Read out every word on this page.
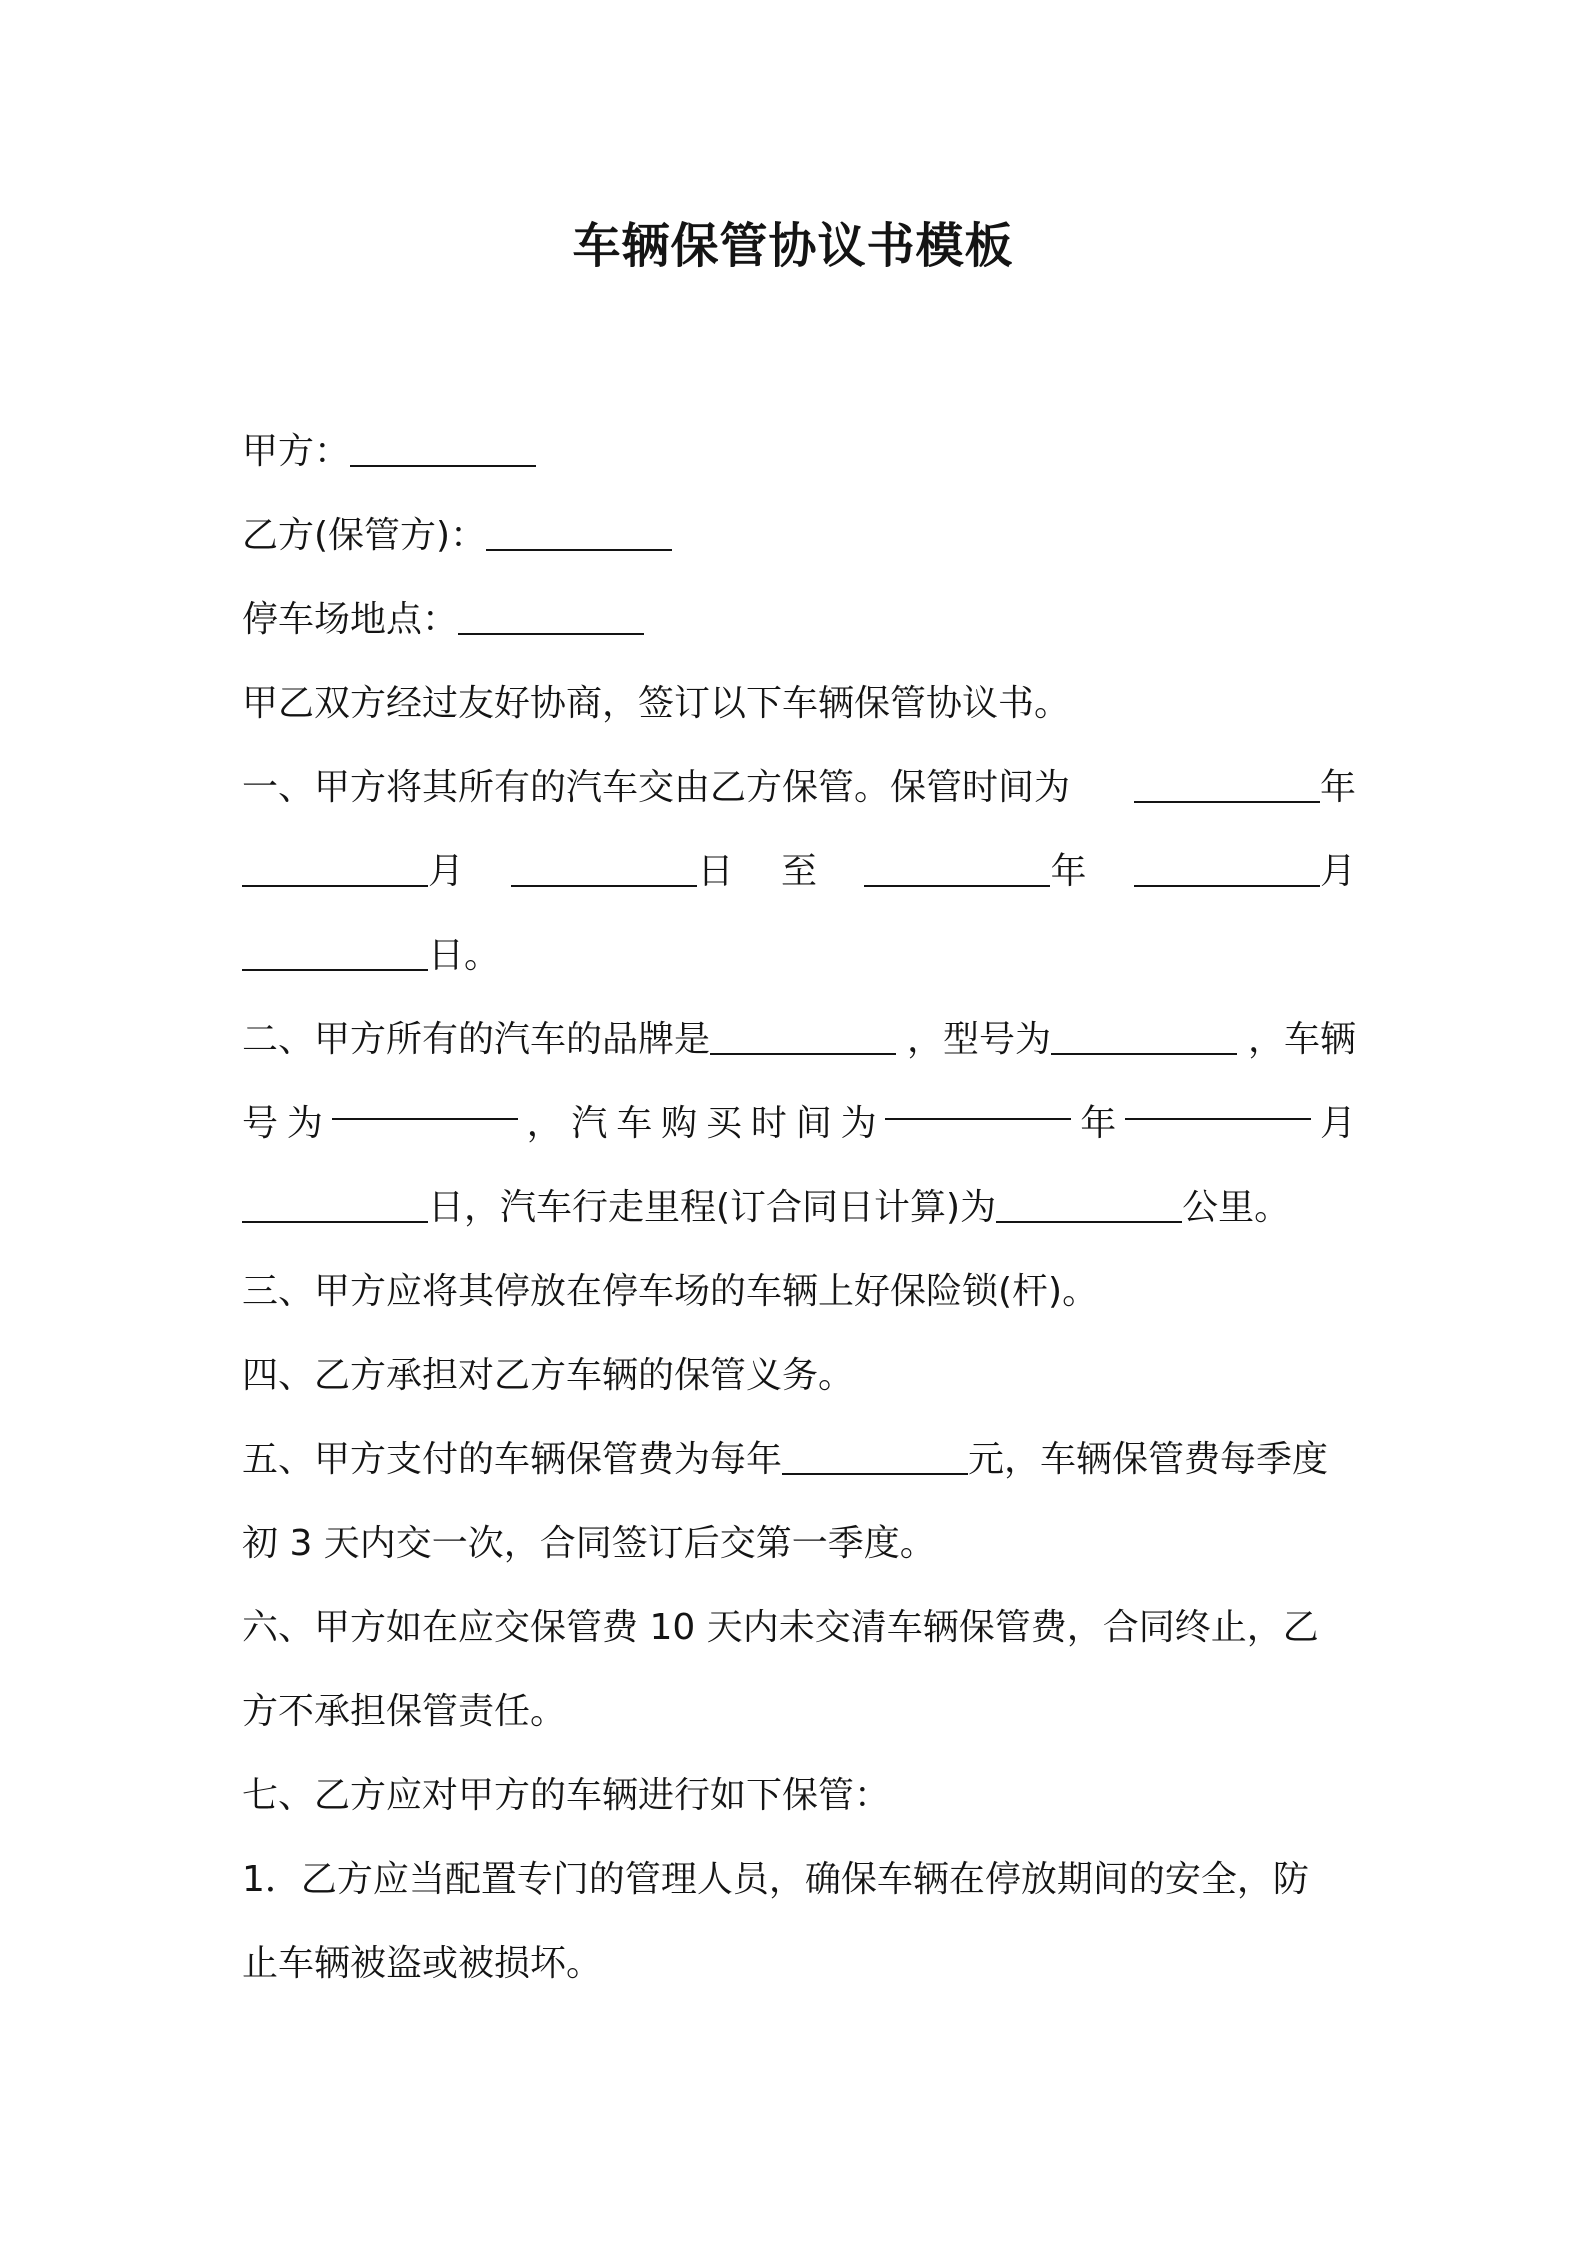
车辆保管协议书模板
甲方：
乙方(保管方)：
停车场地点：
甲乙双方经过友好协商，签订以下车辆保管协议书。
一、甲方将其所有的汽车交由乙方保管。保管时间为	年
月	日 至	年	月
日。
二、甲方所有的汽车的品牌是	，型号为	，车辆
号 为	， 汽 车 购 买 时 间 为	年	月
日，汽车行走里程(订合同日计算)为	公里。
三、甲方应将其停放在停车场的车辆上好保险锁(杆)。
四、乙方承担对乙方车辆的保管义务。
五、甲方支付的车辆保管费为每年	元，车辆保管费每季度
初 3 天内交一次，合同签订后交第一季度。
六、甲方如在应交保管费 10 天内未交清车辆保管费，合同终止，乙
方不承担保管责任。
七、乙方应对甲方的车辆进行如下保管：
1．乙方应当配置专门的管理人员，确保车辆在停放期间的安全，防
止车辆被盗或被损坏。
